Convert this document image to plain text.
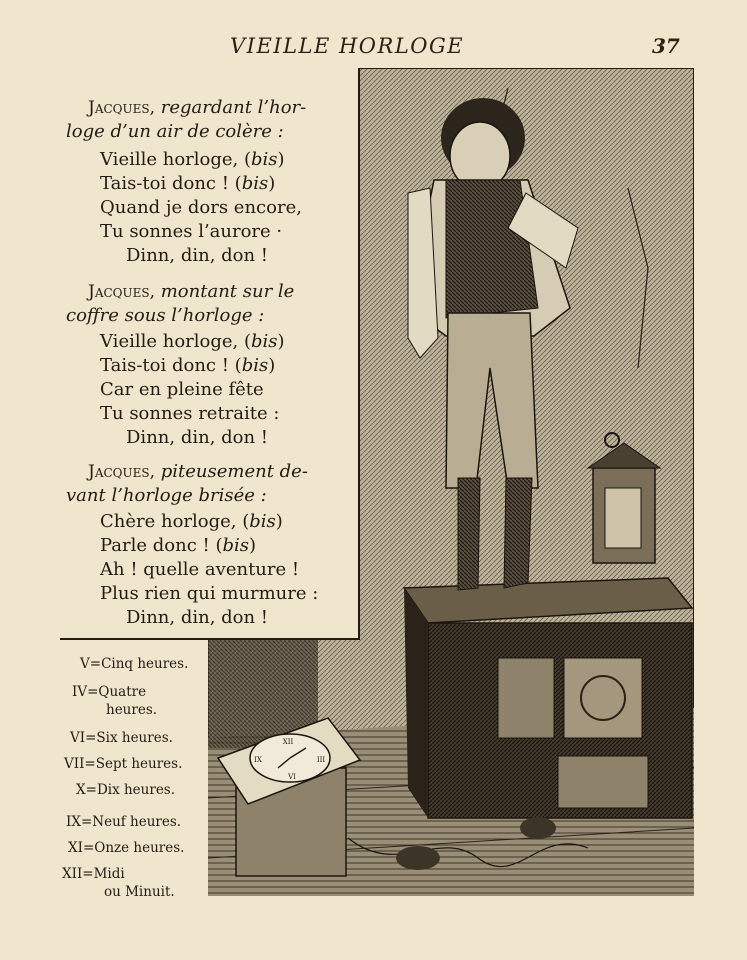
VIEILLE HORLOGE	37
XII
III
VI
IX
Jacques, regardant l’hor-
loge d’un air de colère :
Vieille horloge, (bis)
Tais-toi donc ! (bis)
Quand je dors encore,
Tu sonnes l’aurore ·
Dinn, din, don !
Jacques, montant sur le
coffre sous l’horloge :
Vieille horloge, (bis)
Tais-toi donc ! (bis)
Car en pleine fête
Tu sonnes retraite :
Dinn, din, don !
Jacques, piteusement de-
vant l’horloge brisée :
Chère horloge, (bis)
Parle donc ! (bis)
Ah ! quelle aventure !
Plus rien qui murmure :
Dinn, din, don !
V=Cinq heures.
IV=Quatre
heures.
VI=Six heures.
VII=Sept heures.
X=Dix heures.
IX=Neuf heures.
XI=Onze heures.
XII=Midi
ou Minuit.
